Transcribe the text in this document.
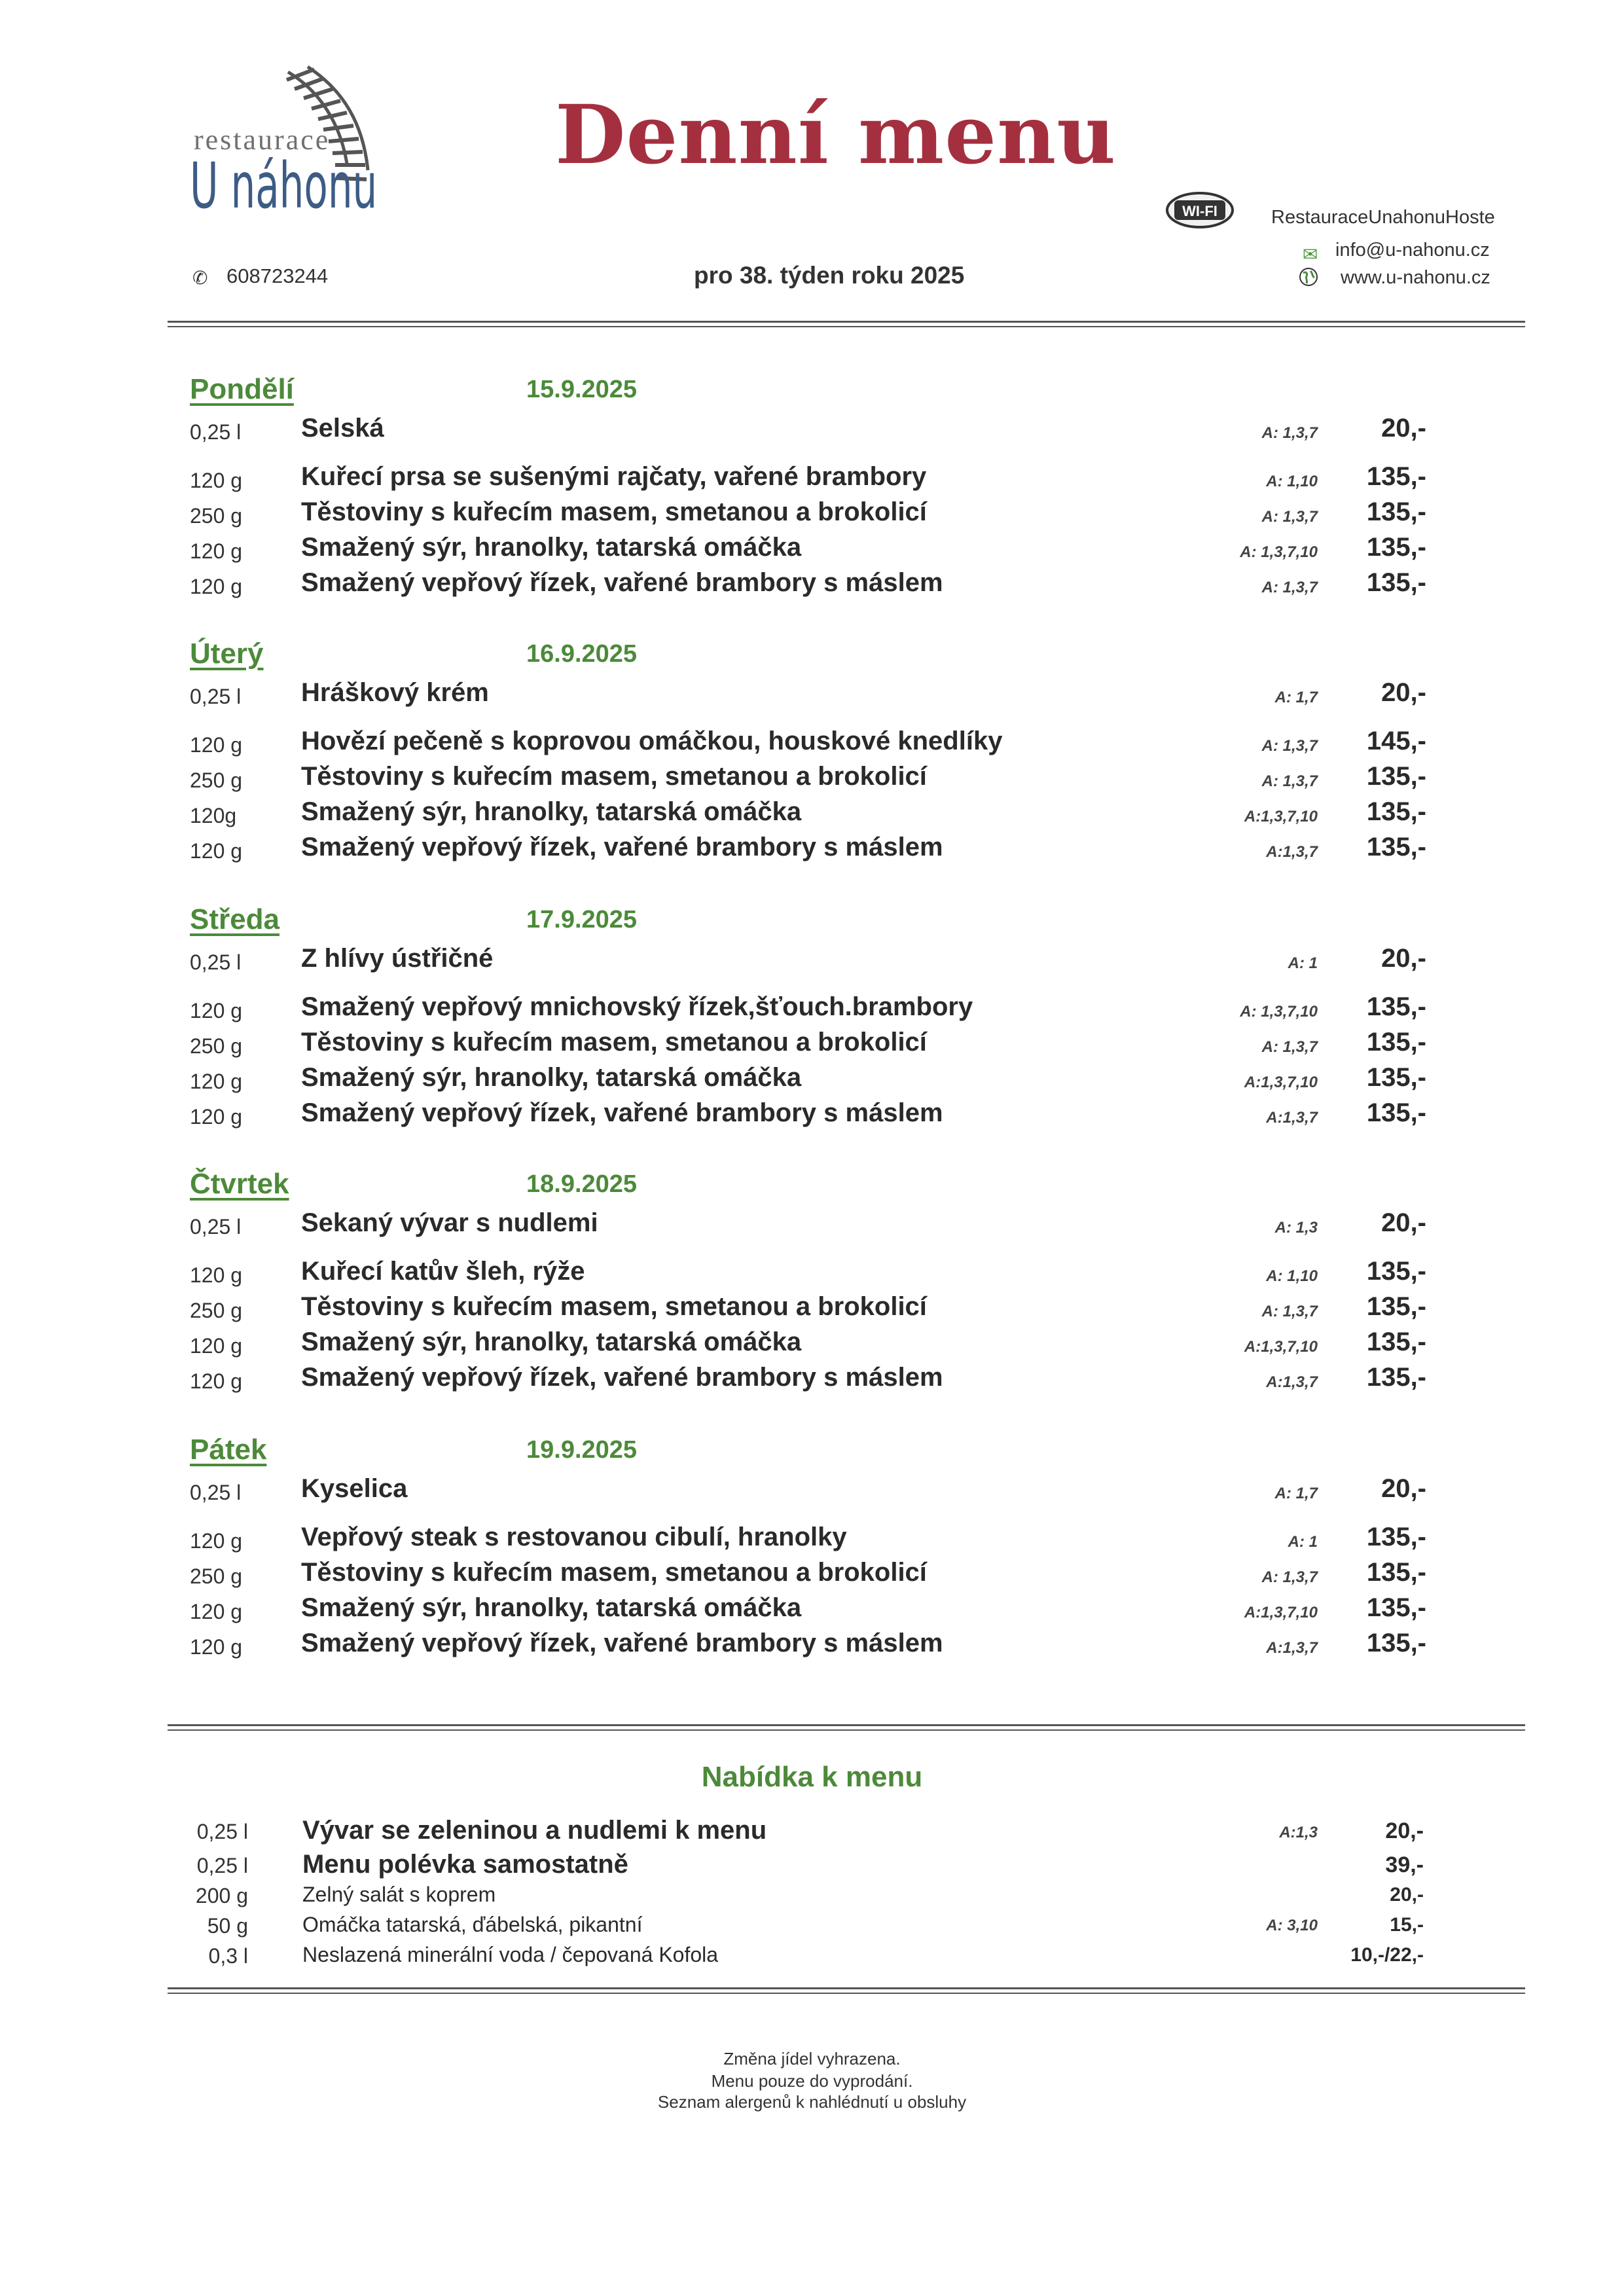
restaurace
U náhonu
Denní menu
WI-FI	RestauraceUnahonuHoste
✉ info@u-nahonu.cz
www.u-nahonu.cz
✆ 608723244	pro 38. týden roku 2025
Pondělí	15.9.2025
0,25 l Selská	A: 1,3,7 20,-
120 g Kuřecí prsa se sušenými rajčaty, vařené brambory	A: 1,10 135,-
250 g Těstoviny s kuřecím masem, smetanou a brokolicí	A: 1,3,7 135,-
120 g Smažený sýr, hranolky, tatarská omáčka	A: 1,3,7,10 135,-
120 g Smažený vepřový řízek, vařené brambory s máslem	A: 1,3,7 135,-
Úterý	16.9.2025
0,25 l Hráškový krém	A: 1,7 20,-
120 g Hovězí pečeně s koprovou omáčkou, houskové knedlíky	A: 1,3,7 145,-
250 g Těstoviny s kuřecím masem, smetanou a brokolicí	A: 1,3,7 135,-
120g Smažený sýr, hranolky, tatarská omáčka	A:1,3,7,10 135,-
120 g Smažený vepřový řízek, vařené brambory s máslem	A:1,3,7 135,-
Středa	17.9.2025
0,25 l Z hlívy ústřičné	A: 1 20,-
120 g Smažený vepřový mnichovský řízek,šťouch.brambory	A: 1,3,7,10 135,-
250 g Těstoviny s kuřecím masem, smetanou a brokolicí	A: 1,3,7 135,-
120 g Smažený sýr, hranolky, tatarská omáčka	A:1,3,7,10 135,-
120 g Smažený vepřový řízek, vařené brambory s máslem	A:1,3,7 135,-
Čtvrtek	18.9.2025
0,25 l Sekaný vývar s nudlemi	A: 1,3 20,-
120 g Kuřecí katův šleh, rýže	A: 1,10 135,-
250 g Těstoviny s kuřecím masem, smetanou a brokolicí	A: 1,3,7 135,-
120 g Smažený sýr, hranolky, tatarská omáčka	A:1,3,7,10 135,-
120 g Smažený vepřový řízek, vařené brambory s máslem	A:1,3,7 135,-
Pátek	19.9.2025
0,25 l Kyselica	A: 1,7 20,-
120 g Vepřový steak s restovanou cibulí, hranolky	A: 1 135,-
250 g Těstoviny s kuřecím masem, smetanou a brokolicí	A: 1,3,7 135,-
120 g Smažený sýr, hranolky, tatarská omáčka	A:1,3,7,10 135,-
120 g Smažený vepřový řízek, vařené brambory s máslem	A:1,3,7 135,-
Nabídka k menu
0,25 l Vývar se zeleninou a nudlemi k menu	A:1,3	20,-
0,25 l Menu polévka samostatně	39,-
200 g	Zelný salát s koprem	20,-
50 g	Omáčka tatarská, ďábelská, pikantní	A: 3,10	15,-
0,3 l	Neslazená minerální voda / čepovaná Kofola	10,-/22,-
Změna jídel vyhrazena.
Menu pouze do vyprodání.
Seznam alergenů k nahlédnutí u obsluhy
